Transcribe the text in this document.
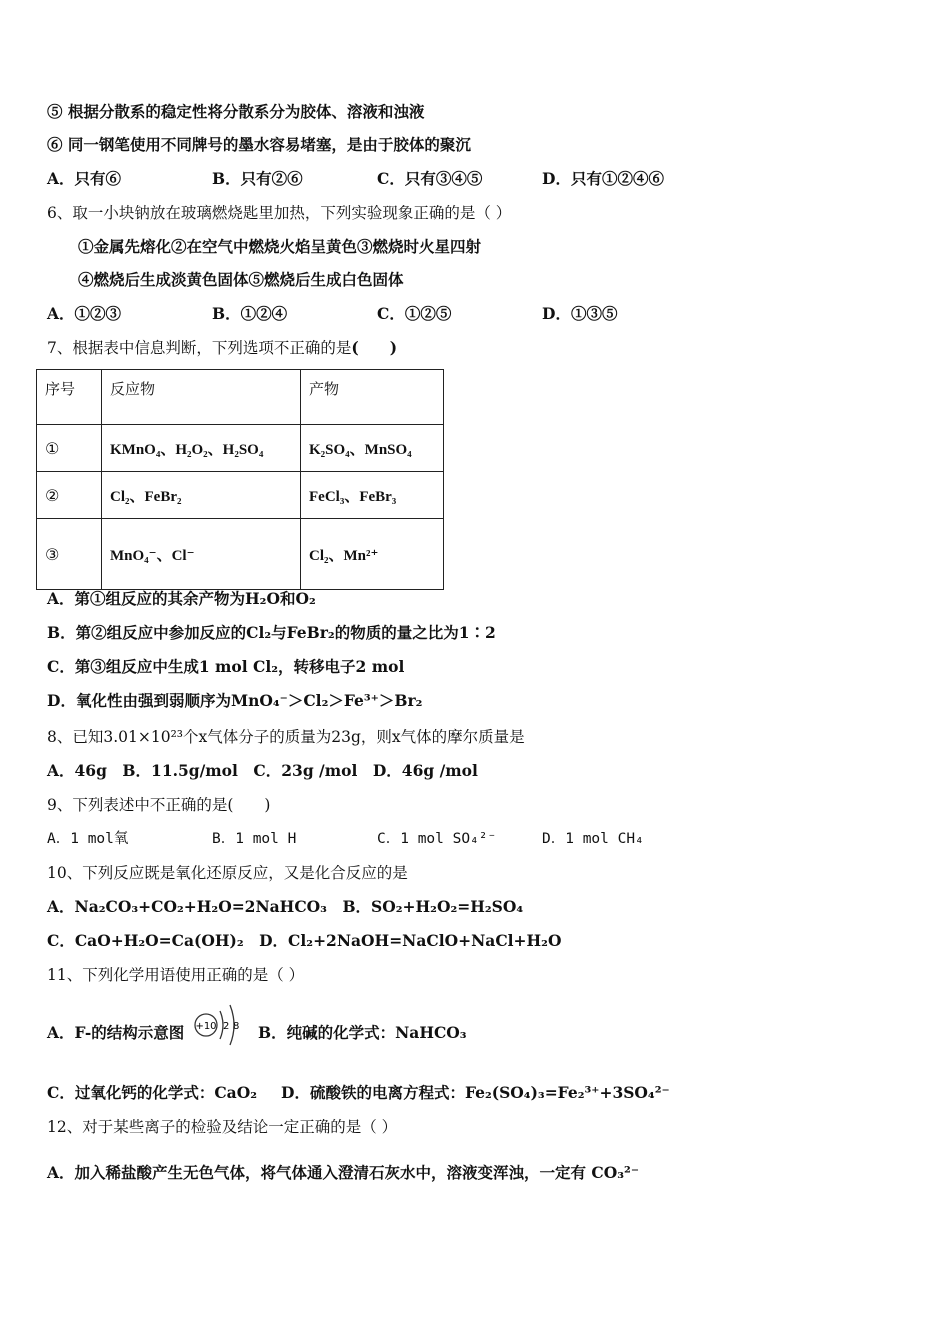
⑤ 根据分散系的稳定性将分散系分为胶体、溶液和浊液
⑥ 同一钢笔使用不同牌号的墨水容易堵塞，是由于胶体的聚沉
A．只有⑥	B．只有②⑥	C．只有③④⑤	D．只有①②④⑥
6、取一小块钠放在玻璃燃烧匙里加热，下列实验现象正确的是（ ）
①金属先熔化②在空气中燃烧火焰呈黄色③燃烧时火星四射
④燃烧后生成淡黄色固体⑤燃烧后生成白色固体
A．①②③	B．①②④	C．①②⑤	D．①③⑤
7、根据表中信息判断，下列选项不正确的是(　　)
序号	反应物	产物
①	KMnO₄、H₂O₂、H₂SO₄	K₂SO₄、MnSO₄
②	Cl₂、FeBr₂	FeCl₃、FeBr₃
③	MnO₄⁻、Cl⁻	Cl₂、Mn²⁺
A．第①组反应的其余产物为H₂O和O₂
B．第②组反应中参加反应的Cl₂与FeBr₂的物质的量之比为1∶2
C．第③组反应中生成1 mol Cl₂，转移电子2 mol
D．氧化性由强到弱顺序为MnO₄⁻＞Cl₂＞Fe³⁺＞Br₂
8、已知3.01×10²³个x气体分子的质量为23g，则x气体的摩尔质量是
A．46g　B．11.5g/mol　C．23g /mol　D．46g /mol
9、下列表述中不正确的是(　　)
A．1 mol氧	B．1 mol H	C．1 mol SO₄²⁻	D．1 mol CH₄
10、下列反应既是氧化还原反应，又是化合反应的是
A．Na₂CO₃+CO₂+H₂O=2NaHCO₃　B．SO₂+H₂O₂=H₂SO₄
C．CaO+H₂O=Ca(OH)₂　D．Cl₂+2NaOH=NaClO+NaCl+H₂O
11、下列化学用语使用正确的是（ ）
A．F-的结构示意图 +10 2 8 B．纯碱的化学式：NaHCO₃
C．过氧化钙的化学式：CaO₂ D．硫酸铁的电离方程式：Fe₂(SO₄)₃=Fe₂³⁺+3SO₄²⁻
12、对于某些离子的检验及结论一定正确的是（ ）
A．加入稀盐酸产生无色气体，将气体通入澄清石灰水中，溶液变浑浊，一定有 CO₃²⁻
